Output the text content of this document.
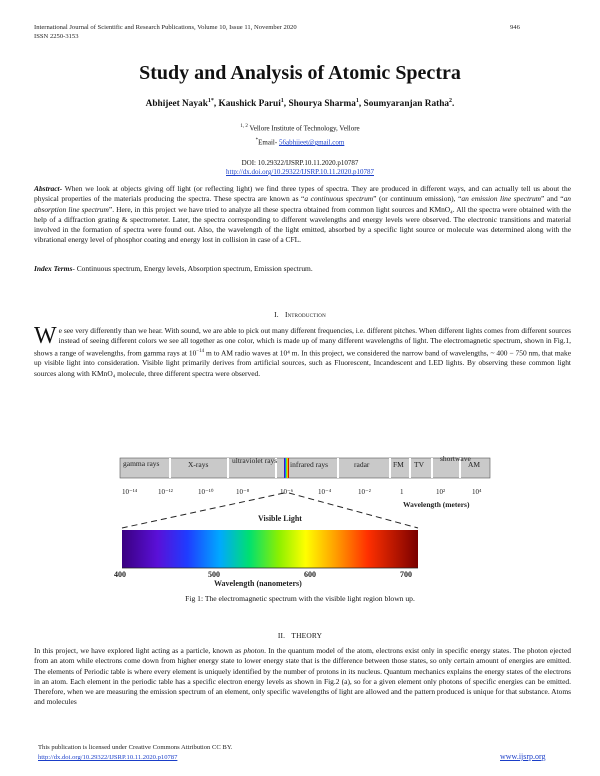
International Journal of Scientific and Research Publications, Volume 10, Issue 11, November 2020
ISSN 2250-3153
946
Study and Analysis of Atomic Spectra
Abhijeet Nayak$^{1*}$, Kaushick Parui$^1$, Shourya Sharma$^1$, Soumyaranjan Ratha$^2$.
$^{1, 2}$ Vellore Institute of Technology, Vellore
*Email- 56abhijeet@gmail.com
DOI: 10.29322/IJSRP.10.11.2020.p10787
http://dx.doi.org/10.29322/IJSRP.10.11.2020.p10787
Abstract- When we look at objects giving off light (or reflecting light) we find three types of spectra. They are produced in different ways, and can actually tell us about the physical properties of the materials producing the spectra. These spectra are known as “a continuous spectrum” (or continuum emission), “an emission line spectrum” and “an absorption line spectrum”. Here, in this project we have tried to analyze all these spectra obtained from common light sources and KMnO₄. All the spectra were obtained with the help of a diffraction grating & spectrometer. Later, the spectra corresponding to different wavelengths and energy levels were observed. The electronic transitions and material involved in the formation of spectra were found out. Also, the wavelength of the light emitted, absorbed by a specific light source or molecule was determined along with the vibrational energy level of phosphor coating and energy lost in collision in case of a CFL.
Index Terms- Continuous spectrum, Energy levels, Absorption spectrum, Emission spectrum.
I. Introduction
We see very differently than we hear. With sound, we are able to pick out many different frequencies, i.e. different pitches. When different lights comes from different sources instead of seeing different colors we see all together as one color, which is made up of many different wavelengths of light. The electromagnetic spectrum, shown in Fig.1, shows a range of wavelengths, from gamma rays at $10^{-14}$ m to AM radio waves at 10⁴ m. In this project, we considered the narrow band of wavelengths, ~ 400 − 750 nm, that make up visible light into consideration. Visible light primarily derives from artificial sources, such as Fluorescent, Incandescent and LED lights. By observing these common light sources along with KMnO₄ molecule, three different spectra were observed.
gamma rays	X-rays	ultraviolet rays infrared rays	radar	FM TV
shortwave
AM
10⁻¹⁴	10⁻¹²	10⁻¹⁰	10⁻⁸	10⁻⁶	10⁻⁴	10⁻²	1	10²	10⁴
Wavelength (meters)
Visible Light
400	500	600	700
Wavelength (nanometers)
Fig 1: The electromagnetic spectrum with the visible light region blown up.
II. THEORY
In this project, we have explored light acting as a particle, known as photon. In the quantum model of the atom, electrons exist only in specific energy states. The photon ejected from an atom while electrons come down from higher energy state to lower energy state that is the difference between those states, so only certain amount of energies are emitted. The elements of Periodic table is where every element is uniquely identified by the number of protons in its nucleus. Quantum mechanics explains the energy states of the electrons in an atom. Each element in the periodic table has a specific electron energy levels as shown in Fig.2 (a), so for a given element only photons of specific energies can be emitted. Therefore, when we are measuring the emission spectrum of an element, only specific wavelengths of light are allowed and the pattern produced is unique for that substance. Atoms and molecules
This publication is licensed under Creative Commons Attribution CC BY.
http://dx.doi.org/10.29322/IJSRP.10.11.2020.p10787	www.ijsrp.org
